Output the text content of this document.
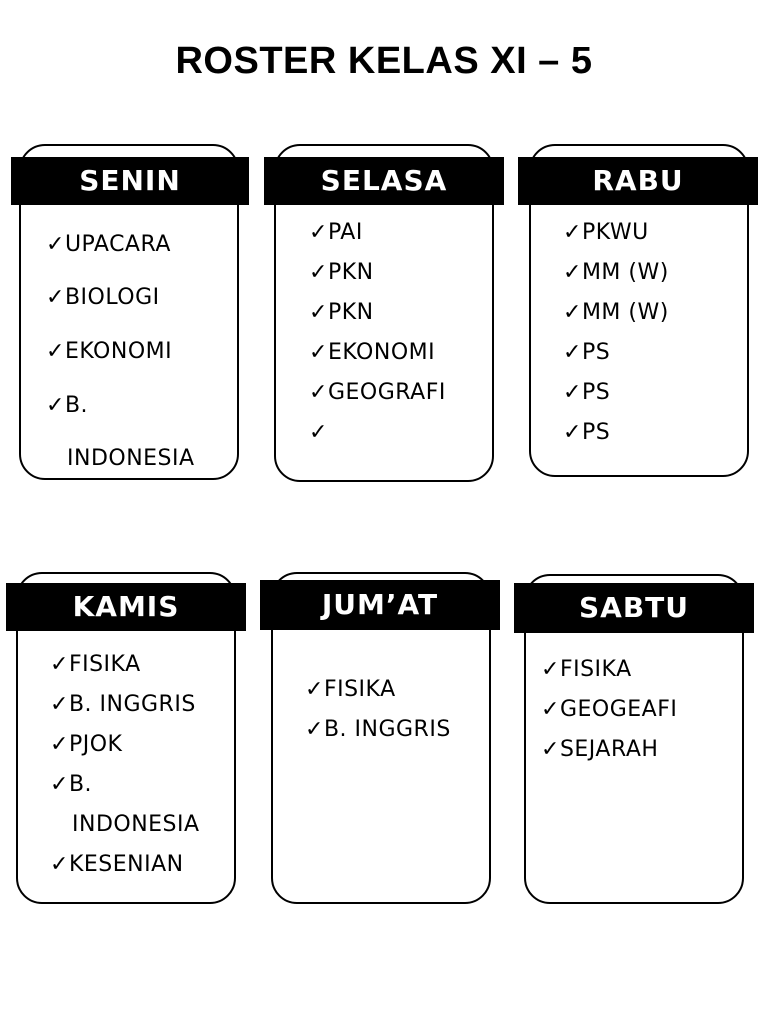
ROSTER KELAS XI – 5
SENIN
✓UPACARA
✓BIOLOGI
✓EKONOMI
✓B.
INDONESIA
SELASA
✓PAI
✓PKN
✓PKN
✓EKONOMI
✓GEOGRAFI
✓
RABU
✓PKWU
✓MM (W)
✓MM (W)
✓PS
✓PS
✓PS
KAMIS
✓FISIKA
✓B. INGGRIS
✓PJOK
✓B.
INDONESIA
✓KESENIAN
JUM’AT
✓FISIKA
✓B. INGGRIS
SABTU
✓FISIKA
✓GEOGEAFI
✓SEJARAH
